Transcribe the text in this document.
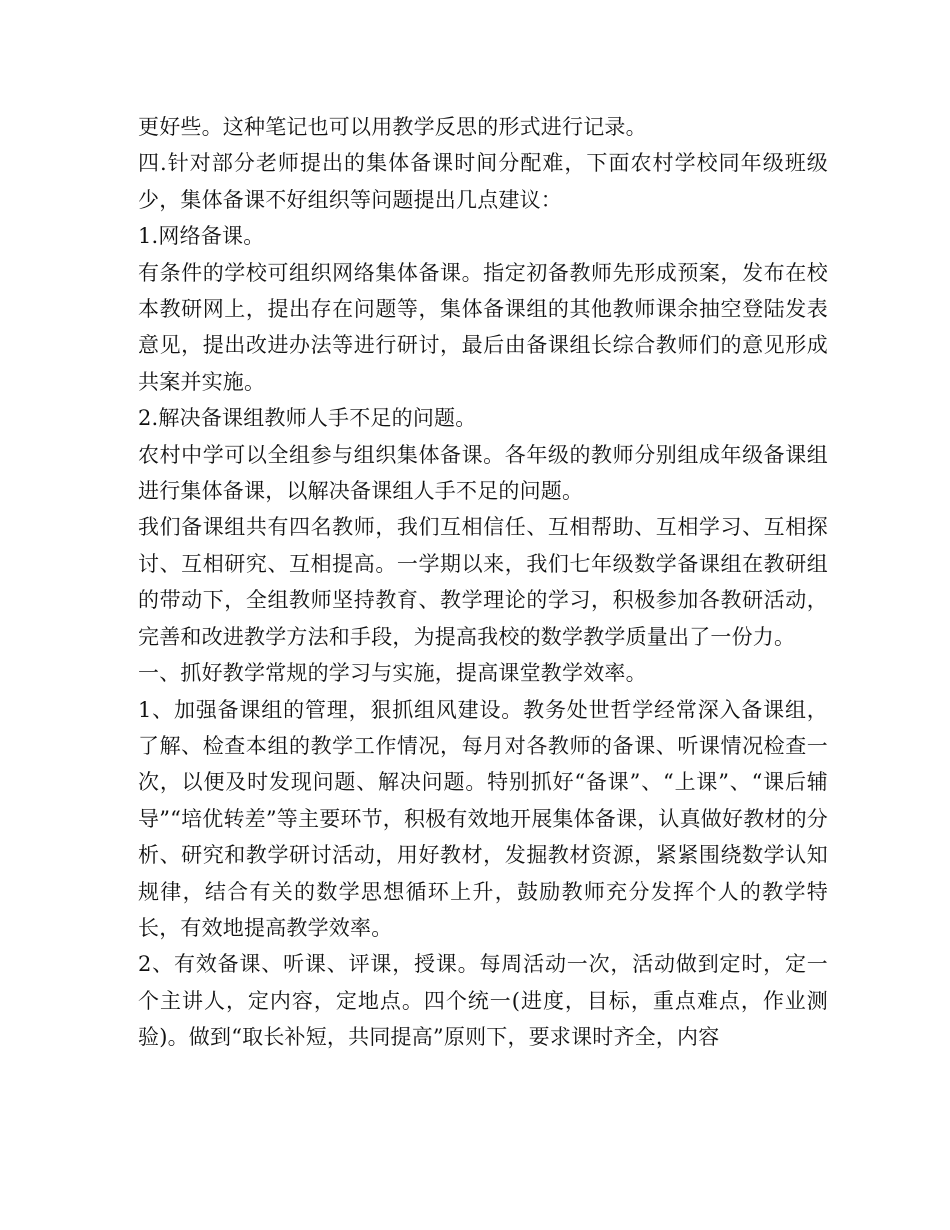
更好些。这种笔记也可以用教学反思的形式进行记录。

四.针对部分老师提出的集体备课时间分配难，下面农村学校同年级班级少，集体备课不好组织等问题提出几点建议：

1.网络备课。

有条件的学校可组织网络集体备课。指定初备教师先形成预案，发布在校本教研网上，提出存在问题等，集体备课组的其他教师课余抽空登陆发表意见，提出改进办法等进行研讨，最后由备课组长综合教师们的意见形成共案并实施。

2.解决备课组教师人手不足的问题。

农村中学可以全组参与组织集体备课。各年级的教师分别组成年级备课组进行集体备课，以解决备课组人手不足的问题。

我们备课组共有四名教师，我们互相信任、互相帮助、互相学习、互相探讨、互相研究、互相提高。一学期以来，我们七年级数学备课组在教研组的带动下，全组教师坚持教育、教学理论的学习，积极参加各教研活动，完善和改进教学方法和手段，为提高我校的数学教学质量出了一份力。

一、抓好教学常规的学习与实施，提高课堂教学效率。

1、加强备课组的管理，狠抓组风建设。教务处世哲学经常深入备课组，了解、检查本组的教学工作情况，每月对各教师的备课、听课情况检查一次，以便及时发现问题、解决问题。特别抓好“备课”、“上课”、“课后辅导”“培优转差”等主要环节，积极有效地开展集体备课，认真做好教材的分析、研究和教学研讨活动，用好教材，发掘教材资源，紧紧围绕数学认知规律，结合有关的数学思想循环上升，鼓励教师充分发挥个人的教学特长，有效地提高教学效率。

2、有效备课、听课、评课，授课。每周活动一次，活动做到定时，定一个主讲人，定内容，定地点。四个统一(进度，目标，重点难点，作业测验)。做到“取长补短，共同提高”原则下，要求课时齐全，内容
